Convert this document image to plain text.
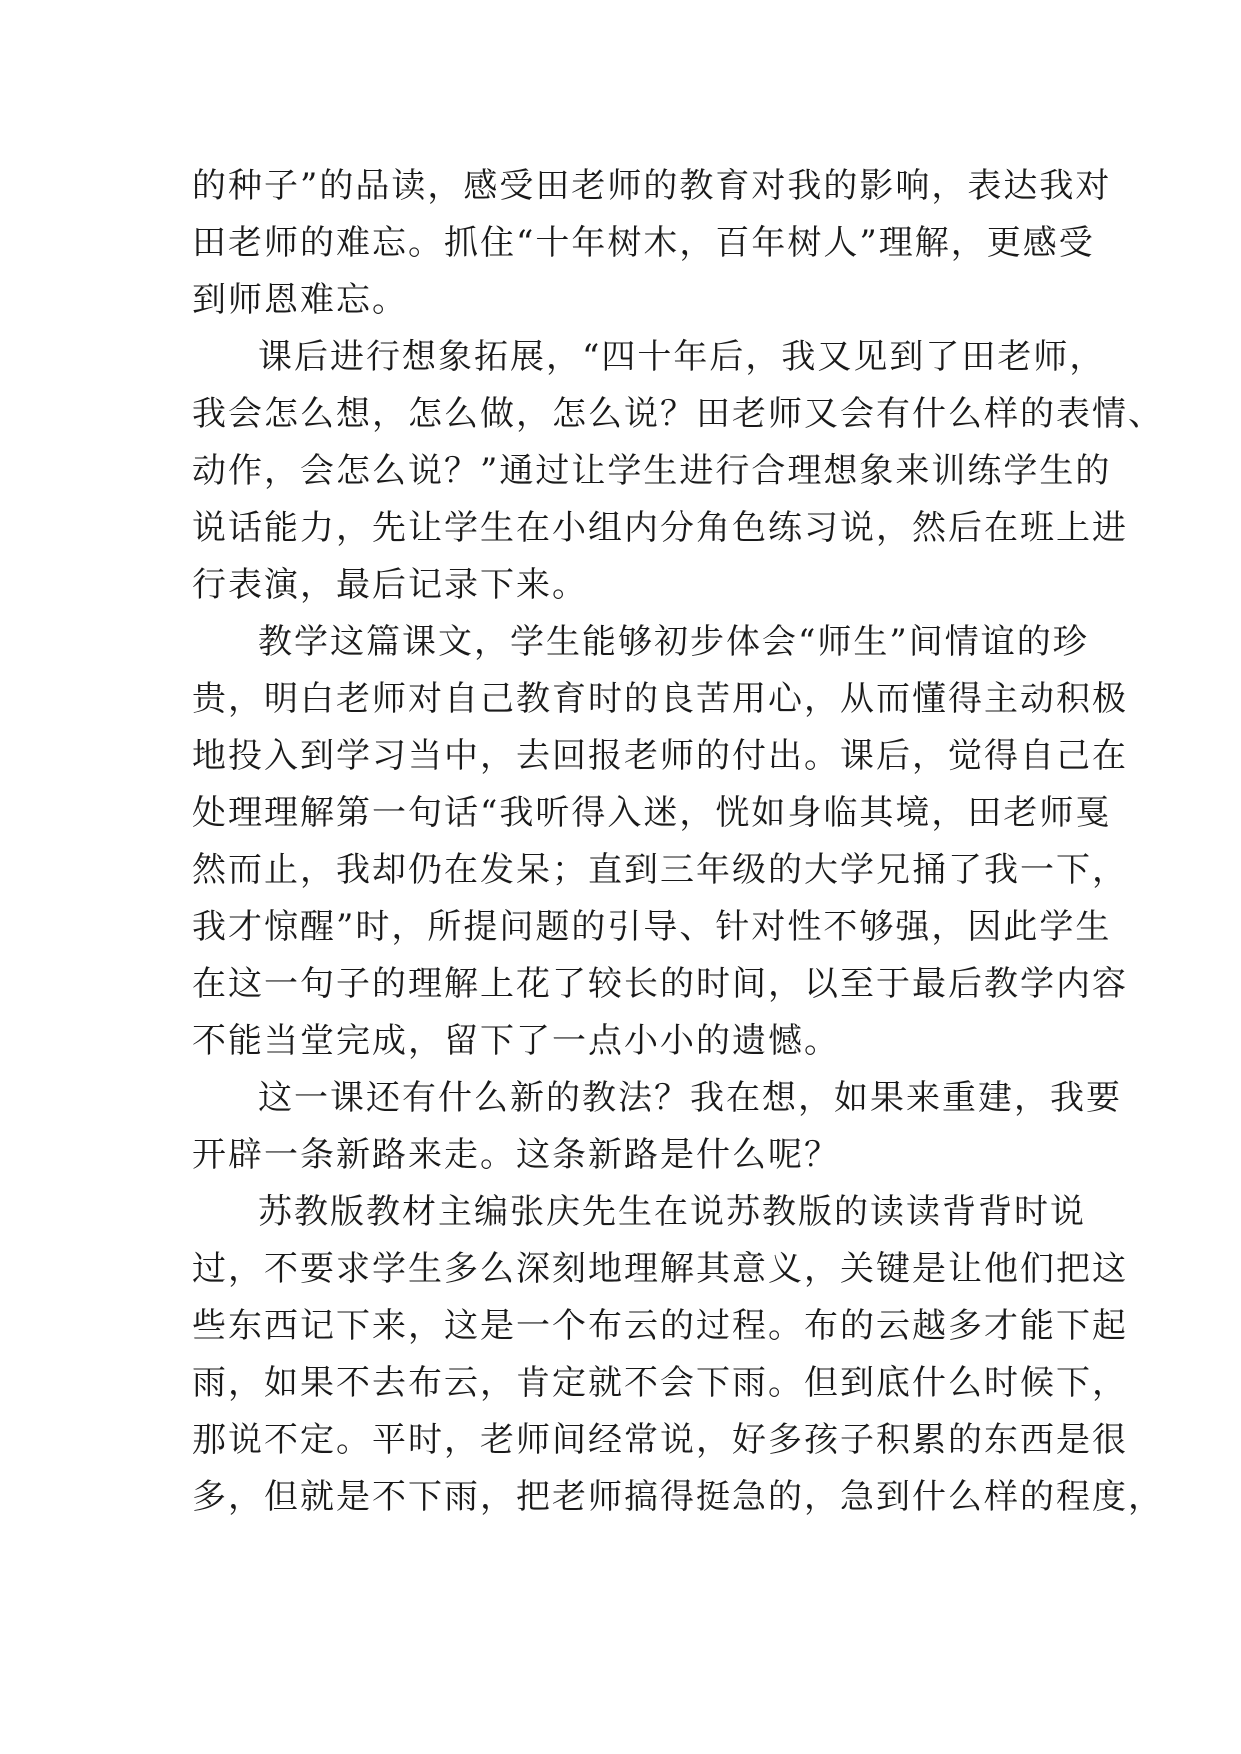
的种子”的品读，感受田老师的教育对我的影响，表达我对
田老师的难忘。抓住“十年树木，百年树人”理解，更感受
到师恩难忘。
课后进行想象拓展，“四十年后，我又见到了田老师，
我会怎么想，怎么做，怎么说？田老师又会有什么样的表情、
动作，会怎么说？”通过让学生进行合理想象来训练学生的
说话能力，先让学生在小组内分角色练习说，然后在班上进
行表演，最后记录下来。
教学这篇课文，学生能够初步体会“师生”间情谊的珍
贵，明白老师对自己教育时的良苦用心，从而懂得主动积极
地投入到学习当中，去回报老师的付出。课后，觉得自己在
处理理解第一句话“我听得入迷，恍如身临其境，田老师戛
然而止，我却仍在发呆；直到三年级的大学兄捅了我一下，
我才惊醒”时，所提问题的引导、针对性不够强，因此学生
在这一句子的理解上花了较长的时间，以至于最后教学内容
不能当堂完成，留下了一点小小的遗憾。
这一课还有什么新的教法？我在想，如果来重建，我要
开辟一条新路来走。这条新路是什么呢？
苏教版教材主编张庆先生在说苏教版的读读背背时说
过，不要求学生多么深刻地理解其意义，关键是让他们把这
些东西记下来，这是一个布云的过程。布的云越多才能下起
雨，如果不去布云，肯定就不会下雨。但到底什么时候下，
那说不定。平时，老师间经常说，好多孩子积累的东西是很
多，但就是不下雨，把老师搞得挺急的，急到什么样的程度，
